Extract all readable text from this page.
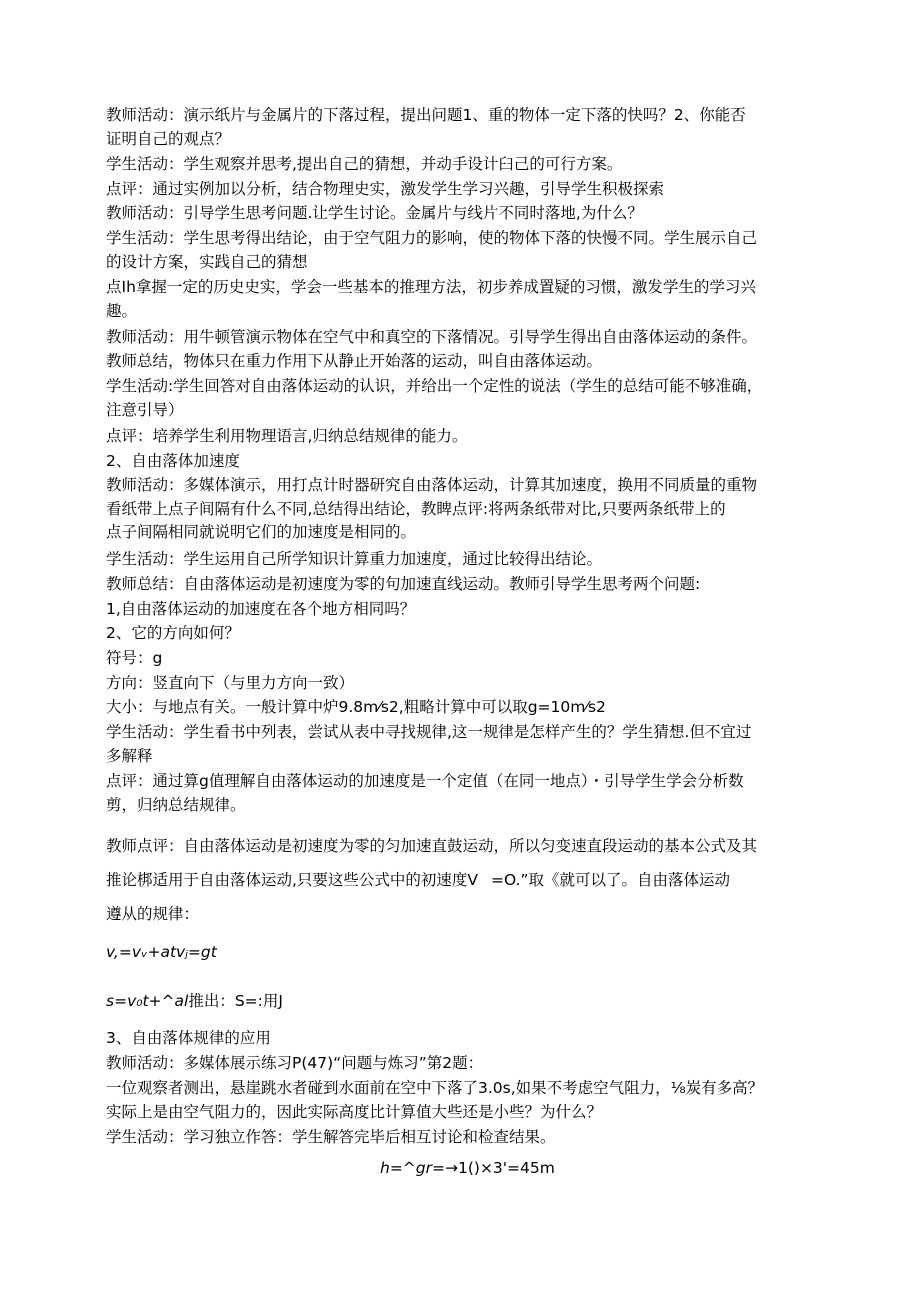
教师活动：演示纸片与金属片的下落过程，提出问题1、重的物体一定下落的快吗？2、你能否
证明自己的观点？
学生活动：学生观察并思考,提出自己的猜想，并动手设计臼己的可行方案。
点评：通过实例加以分析，结合物理史实，激发学生学习兴趣，引导学生积极探索
教师活动：引导学生思考问题.让学生讨论。金属片与线片不同时落地,为什么？
学生活动：学生思考得出结论，由于空气阻力的影响，使的物体下落的快慢不同。学生展示自己
的设计方案，实践自己的猜想
点Ih拿握一定的历史史实，学会一些基本的推理方法，初步养成置疑的习惯，激发学生的学习兴
趣。
教师活动：用牛顿管演示物体在空气中和真空的下落情况。引导学生得出自由落体运动的条件。
教师总结，物体只在重力作用下从静止开始落的运动，叫自由落体运动。
学生活动:学生回答对自由落体运动的认识，并给出一个定性的说法（学生的总结可能不够准确，
注意引导）
点评：培养学生利用物理语言,归纳总结规律的能力。
2、自由落体加速度
教师活动：多媒体演示，用打点计时器研究自由落体运动，计算其加速度，换用不同质量的重物
看纸带上点子间隔有什么不同,总结得出结论，教睥点评:将两条纸带对比,只要两条纸带上的
点子间隔相同就说明它们的加速度是相同的。
学生活动：学生运用自己所学知识计算重力加速度，通过比较得出结论。
教师总结：自由落体运动是初速度为零的句加速直线运动。教师引导学生思考两个问题:
1,自由落体运动的加速度在各个地方相同吗？
2、它的方向如何？
符号：g
方向：竖直向下（与里力方向一致）
大小：与地点有关。一般计算中炉9.8m⁄s2,粗略计算中可以取g=10m⁄s2
学生活动：学生看书中列表，尝试从表中寻找规律,这一规律是怎样产生的？学生猜想.但不宜过
多解释
点评：通过算g值理解自由落体运动的加速度是一个定值（在同一地点）・引导学生学会分析数
剪，归纳总结规律。
教师点评：自由落体运动是初速度为零的匀加速直鼓运动，所以匀变速直段运动的基本公式及其
推论梆适用于自由落体运动,只要这些公式中的初速度V   =O.”取《就可以了。自由落体运动
遵从的规律：
v,=vᵥ+atvⱼ=gt
s=v₀t+^al推出：S=:用J
3、自由落体规律的应用
教师活动：多媒体展示练习P(47)“问题与炼习”第2题：
一位观察者测出，悬崖跳水者碰到水面前在空中下落了3.0s,如果不考虑空气阻力，⅛炭有多高？
实际上是由空气阻力的，因此实际高度比计算值大些还是小些？为什么？
学生活动：学习独立作答：学生解答完毕后相互讨论和检查结果。
h=^gr=→1()×3'=45m
